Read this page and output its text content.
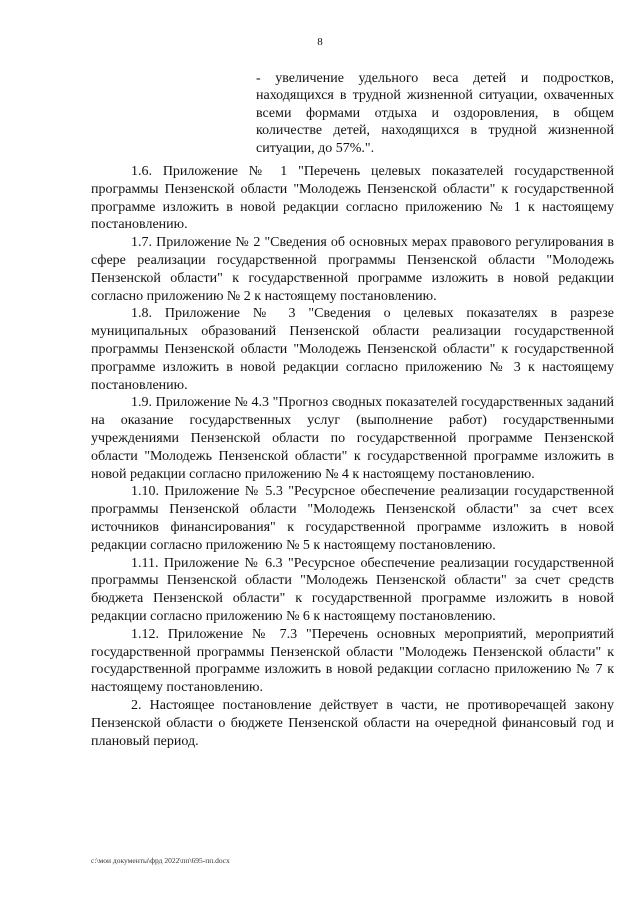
8
- увеличение удельного веса детей и подростков, находящихся в трудной жизненной ситуации, охваченных всеми формами отдыха и оздоровления, в общем количестве детей, находящихся в трудной жизненной ситуации, до 57%.".

1.6. Приложение № 1 "Перечень целевых показателей государственной программы Пензенской области "Молодежь Пензенской области" к государственной программе изложить в новой редакции согласно приложению № 1 к настоящему постановлению.

1.7. Приложение № 2 "Сведения об основных мерах правового регулирования в сфере реализации государственной программы Пензенской области "Молодежь Пензенской области" к государственной программе изложить в новой редакции согласно приложению № 2 к настоящему постановлению.

1.8. Приложение № 3 "Сведения о целевых показателях в разрезе муниципальных образований Пензенской области реализации государственной программы Пензенской области "Молодежь Пензенской области" к государственной программе изложить в новой редакции согласно приложению № 3 к настоящему постановлению.

1.9. Приложение № 4.3 "Прогноз сводных показателей государственных заданий на оказание государственных услуг (выполнение работ) государственными учреждениями Пензенской области по государственной программе Пензенской области "Молодежь Пензенской области" к государственной программе изложить в новой редакции согласно приложению № 4 к настоящему постановлению.

1.10. Приложение № 5.3 "Ресурсное обеспечение реализации государственной программы Пензенской области "Молодежь Пензенской области" за счет всех источников финансирования" к государственной программе изложить в новой редакции согласно приложению № 5 к настоящему постановлению.

1.11. Приложение № 6.3 "Ресурсное обеспечение реализации государственной программы Пензенской области "Молодежь Пензенской области" за счет средств бюджета Пензенской области" к государственной программе изложить в новой редакции согласно приложению № 6 к настоящему постановлению.

1.12. Приложение № 7.3 "Перечень основных мероприятий, мероприятий государственной программы Пензенской области "Молодежь Пензенской области" к государственной программе изложить в новой редакции согласно приложению № 7 к настоящему постановлению.

2. Настоящее постановление действует в части, не противоречащей закону Пензенской области о бюджете Пензенской области на очередной финансовый год и плановый период.

c:\мои документы\фрд 2022\пп\695-пп.docx
